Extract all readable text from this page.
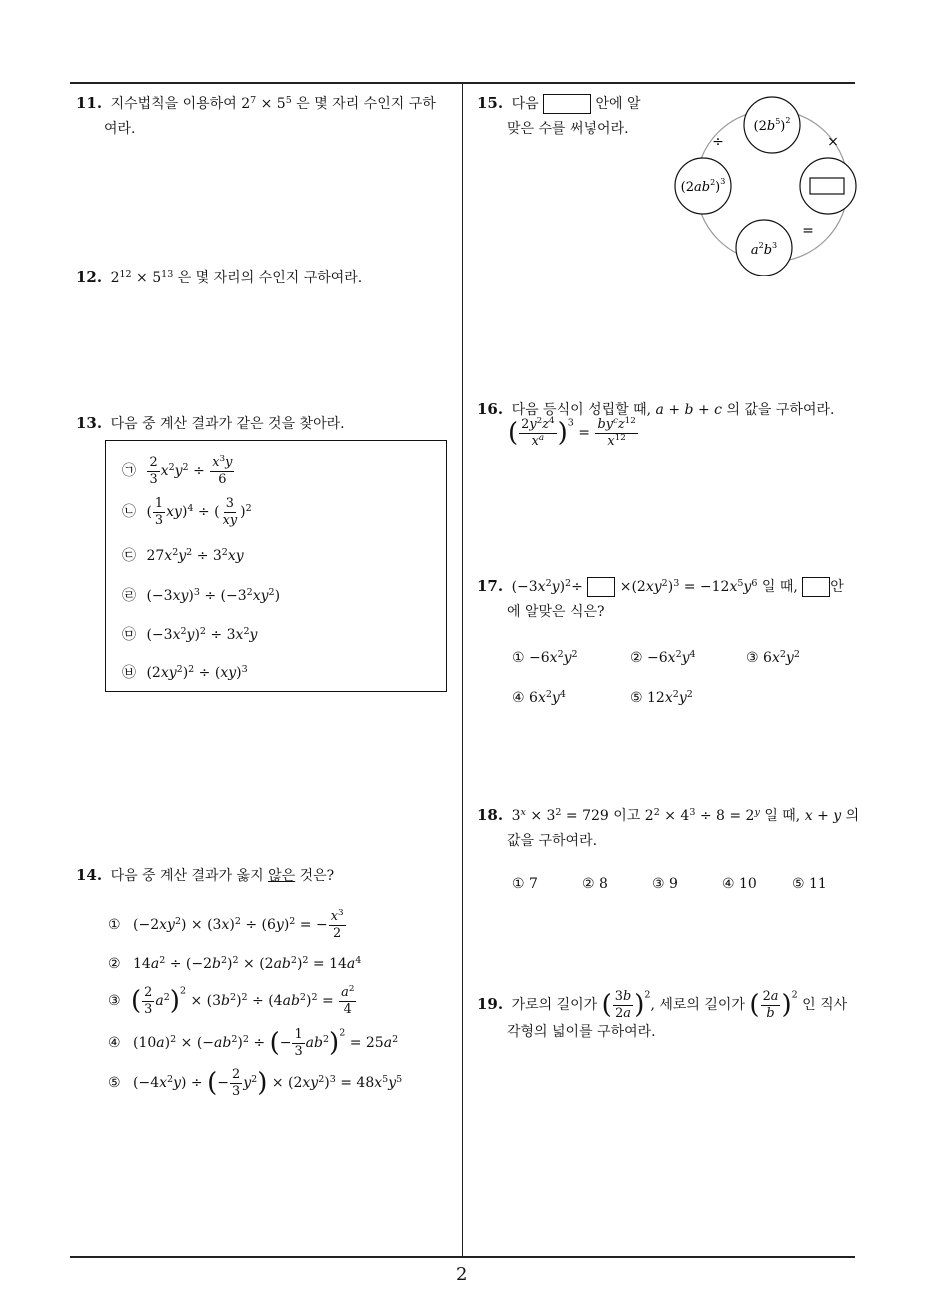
11. 지수법칙을 이용하여 $2^7 \times 5^5$ 은 몇 자리 수인지 구하
여라.
12. $2^{12} \times 5^{13}$ 은 몇 자리의 수인지 구하여라.
13. 다음 중 계산 결과가 같은 것을 찾아라.
㉠ $\frac{2}{3} x^2y^2 \div \frac{x^3y}{6}$
㉡ ( $\frac{1}{3} xy)^4$ ÷ ( $\frac{3}{xy} )^2$
㉢ $27x^2y^2 \div 3^2xy$
㉣ $(-3xy)^3 \div (-3^2xy^2)$
㉤ $(-3x^2y)^2 \div 3x^2y$
㉥ $(2xy^2)^2 \div (xy)^3$
14. 다음 중 계산 결과가 옳지 않은 것은?
① $(-2xy^2) \times (3x)^2 \div (6y)^2$ = − $\frac{x^3}{2}$
② $14a^2 \div (-2b^2)^2 \times (2ab^2)^2 = 14a^4$
③ ( $\frac{2}{3} a^2)^2 \times (3b^2)^2 \div (4ab^2)^2 = \frac{a^2}{4}$
④ $(10a)^2 \times (-ab^2)^2$ ÷ (− $\frac{1}{3} ab^2)^2 = 25a^2$
⑤ $(-4x^2y)$ ÷ (− $\frac{2}{3} y^2) \times (2xy^2)^3 = 48x^5y^5$
15. 다음	안에 알
맞은 수를 써넣어라.	$(2b^5)^2$
$(2ab^2)^3$
$a^2b^3$
÷	×
=
16. 다음 등식이 성립할 때, a + b + c 의 값을 구하여라.
( $\frac{2y^2z^4}{x^a} )^3$ =
$by^cz^{12}$
$x^{12}$
17. $(-3x^2y)^2\div$	$\times(2xy^2)^3 = -12x^5y^6$ 일 때, 안
에 알맞은 식은?
① $-6x^2y^2$	② $-6x^2y^4$	③ $6x^2y^2$
④ $6x^2y^4$	⑤ $12x^2y^2$
18. $3^x \times 3^2 = 729$ 이고 $2^2 \times 4^3 \div 8 = 2^y$ 일 때, x + y 의
값을 구하여라.
① 7	② 8	③ 9	④ 10	⑤ 11
19. 가로의 길이가 ( $\frac{3b}{2a} )^2$, 세로의 길이가 ( $\frac{2a}{b} )^2$ 인 직사
각형의 넓이를 구하여라.
2
